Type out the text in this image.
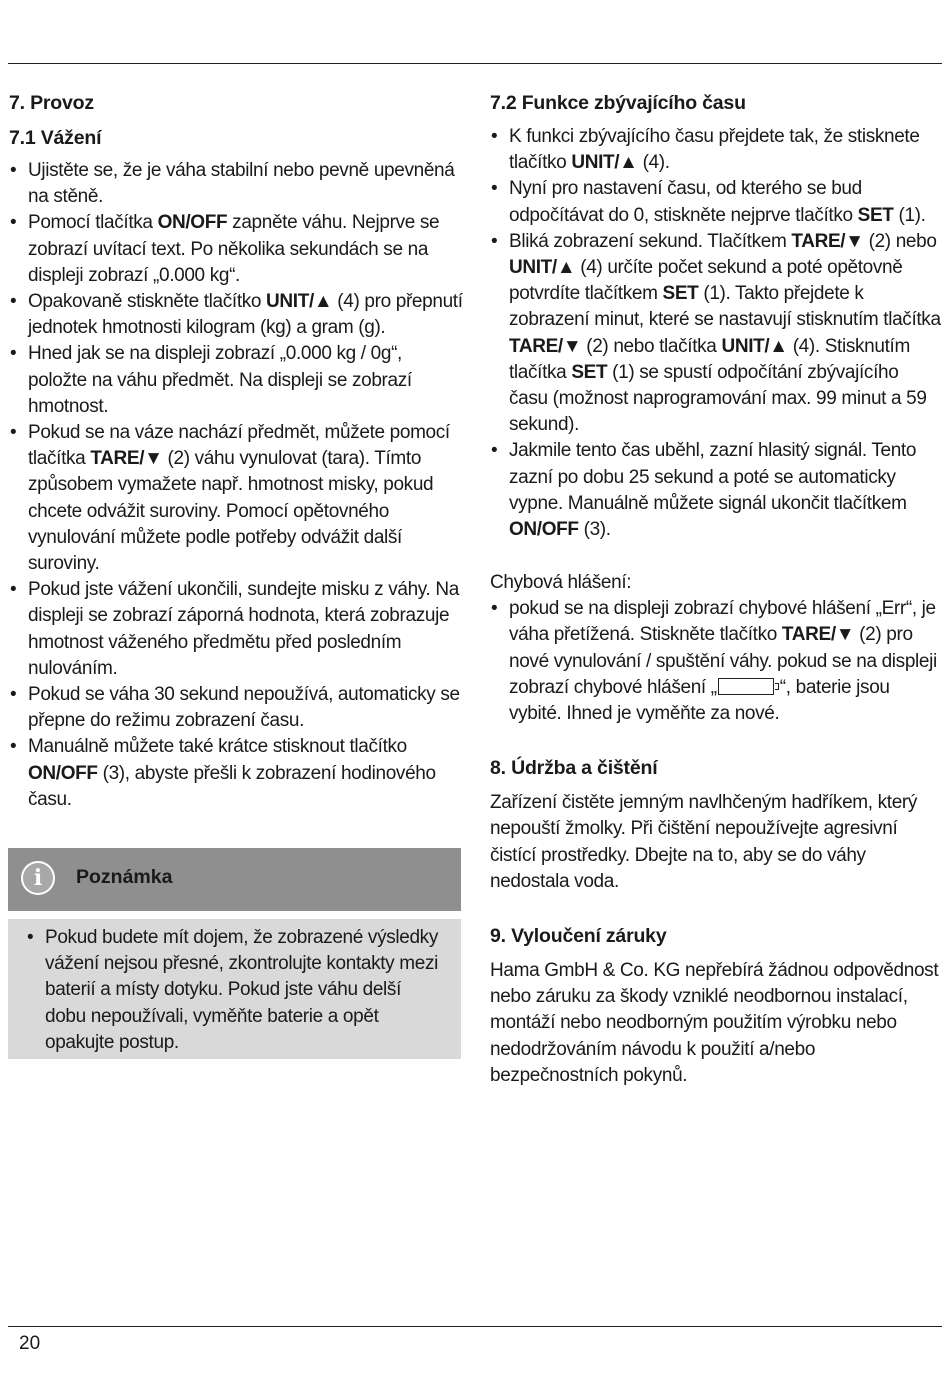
7. Provoz
7.1 Vážení
• Ujistěte se, že je váha stabilní nebo pevně upevněná na stěně.
• Pomocí tlačítka ON/OFF zapněte váhu. Nejprve se zobrazí uvítací text. Po několika sekundách se na displeji zobrazí „0.000 kg“.
• Opakovaně stiskněte tlačítko UNIT/▲ (4) pro přepnutí jednotek hmotnosti kilogram (kg) a gram (g).
• Hned jak se na displeji zobrazí „0.000 kg / 0g“, položte na váhu předmět. Na displeji se zobrazí hmotnost.
• Pokud se na váze nachází předmět, můžete pomocí tlačítka TARE/▼ (2) váhu vynulovat (tara). Tímto způsobem vymažete např. hmotnost misky, pokud chcete odvážit suroviny. Pomocí opětovného vynulování můžete podle potřeby odvážit další suroviny.
• Pokud jste vážení ukončili, sundejte misku z váhy. Na displeji se zobrazí záporná hodnota, která zobrazuje hmotnost váženého předmětu před posledním nulováním.
• Pokud se váha 30 sekund nepoužívá, automaticky se přepne do režimu zobrazení času.
• Manuálně můžete také krátce stisknout tlačítko ON/OFF (3), abyste přešli k zobrazení hodinového času.
i	Poznámka
• Pokud budete mít dojem, že zobrazené výsledky vážení nejsou přesné, zkontrolujte kontakty mezi baterií a místy dotyku. Pokud jste váhu delší dobu nepoužívali, vyměňte baterie a opět opakujte postup.
7.2 Funkce zbývajícího času
• K funkci zbývajícího času přejdete tak, že stisknete tlačítko UNIT/▲ (4).
• Nyní pro nastavení času, od kterého se bud odpočítávat do 0, stiskněte nejprve tlačítko SET (1).
• Bliká zobrazení sekund. Tlačítkem TARE/▼ (2) nebo UNIT/▲ (4) určíte počet sekund a poté opětovně potvrdíte tlačítkem SET (1). Takto přejdete k zobrazení minut, které se nastavují stisknutím tlačítka TARE/▼ (2) nebo tlačítka UNIT/▲ (4). Stisknutím tlačítka SET (1) se spustí odpočítání zbývajícího času (možnost naprogramování max. 99 minut a 59 sekund).
• Jakmile tento čas uběhl, zazní hlasitý signál. Tento zazní po dobu 25 sekund a poté se automaticky vypne. Manuálně můžete signál ukončit tlačítkem ON/OFF (3).
Chybová hlášení:
• pokud se na displeji zobrazí chybové hlášení „Err“, je váha přetížená. Stiskněte tlačítko TARE/▼ (2) pro nové vynulování / spuštění váhy. pokud se na displeji zobrazí chybové hlášení „	“, baterie jsou vybité. Ihned je vyměňte za nové.
8. Údržba a čištění

Zařízení čistěte jemným navlhčeným hadříkem, který nepouští žmolky. Při čištění nepoužívejte agresivní čistící prostředky. Dbejte na to, aby se do váhy nedostala voda.

9. Vyloučení záruky

Hama GmbH & Co. KG nepřebírá žádnou odpovědnost nebo záruku za škody vzniklé neodbornou instalací, montáží nebo neodborným použitím výrobku nebo nedodržováním návodu k použití a/nebo bezpečnostních pokynů.

20
